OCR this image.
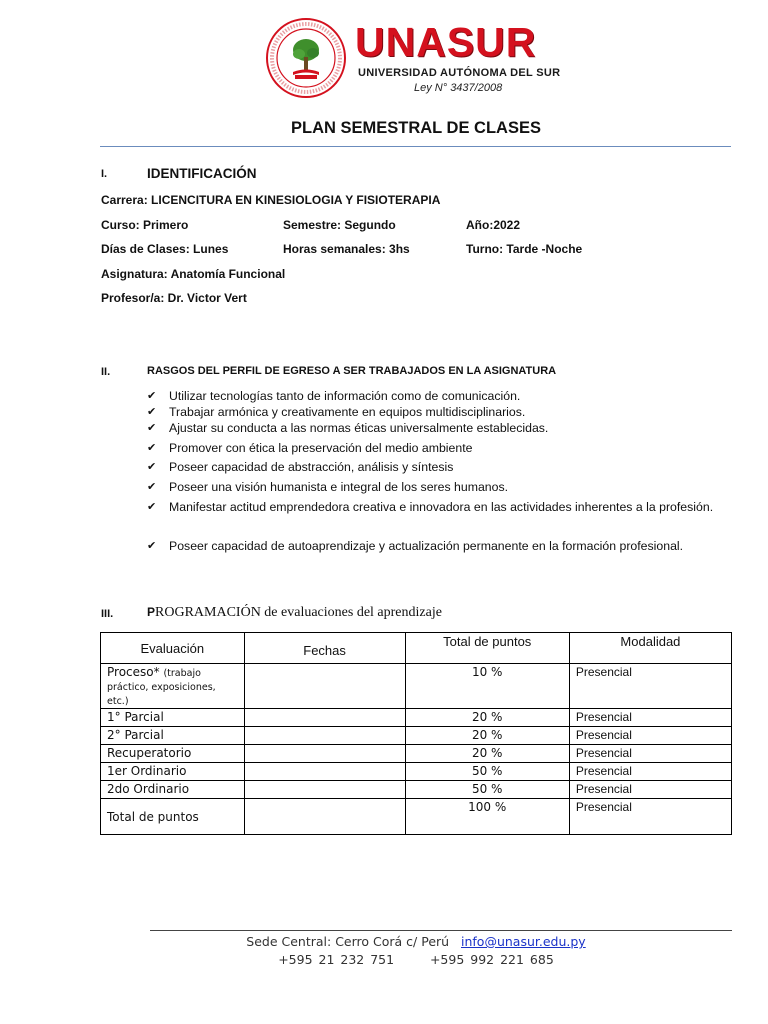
UNASUR
UNIVERSIDAD AUTÓNOMA DEL SUR
Ley N° 3437/2008
PLAN SEMESTRAL DE CLASES
I.	IDENTIFICACIÓN
Carrera: LICENCITURA EN KINESIOLOGIA Y FISIOTERAPIA
Curso: Primero	Semestre: Segundo	Año:2022
Días de Clases: Lunes	Horas semanales: 3hs	Turno: Tarde -Noche
Asignatura: Anatomía Funcional
Profesor/a: Dr. Victor Vert
II.	RASGOS DEL PERFIL DE EGRESO A SER TRABAJADOS EN LA ASIGNATURA
✔ Utilizar tecnologías tanto de información como de comunicación.
✔ Trabajar armónica y creativamente en equipos multidisciplinarios.
✔ Ajustar su conducta a las normas éticas universalmente establecidas.
✔ Promover con ética la preservación del medio ambiente
✔ Poseer capacidad de abstracción, análisis y síntesis
✔ Poseer una visión humanista e integral de los seres humanos.
✔ Manifestar actitud emprendedora creativa e innovadora en las actividades inherentes a la profesión.
✔ Poseer capacidad de autoaprendizaje y actualización permanente en la formación profesional.
III.	PROGRAMACIÓN de evaluaciones del aprendizaje
Evaluación	Fechas	Total de puntos	Modalidad
Proceso* (trabajo práctico, exposiciones, etc.)		10 %	Presencial
1° Parcial		20 %	Presencial
2° Parcial		20 %	Presencial
Recuperatorio		20 %	Presencial
1er Ordinario		50 %	Presencial
2do Ordinario		50 %	Presencial
Total de puntos		100 %	Presencial
Sede Central: Cerro Corá c/ Perú info@unasur.edu.py
+595 21 232 751	+595 992 221 685
